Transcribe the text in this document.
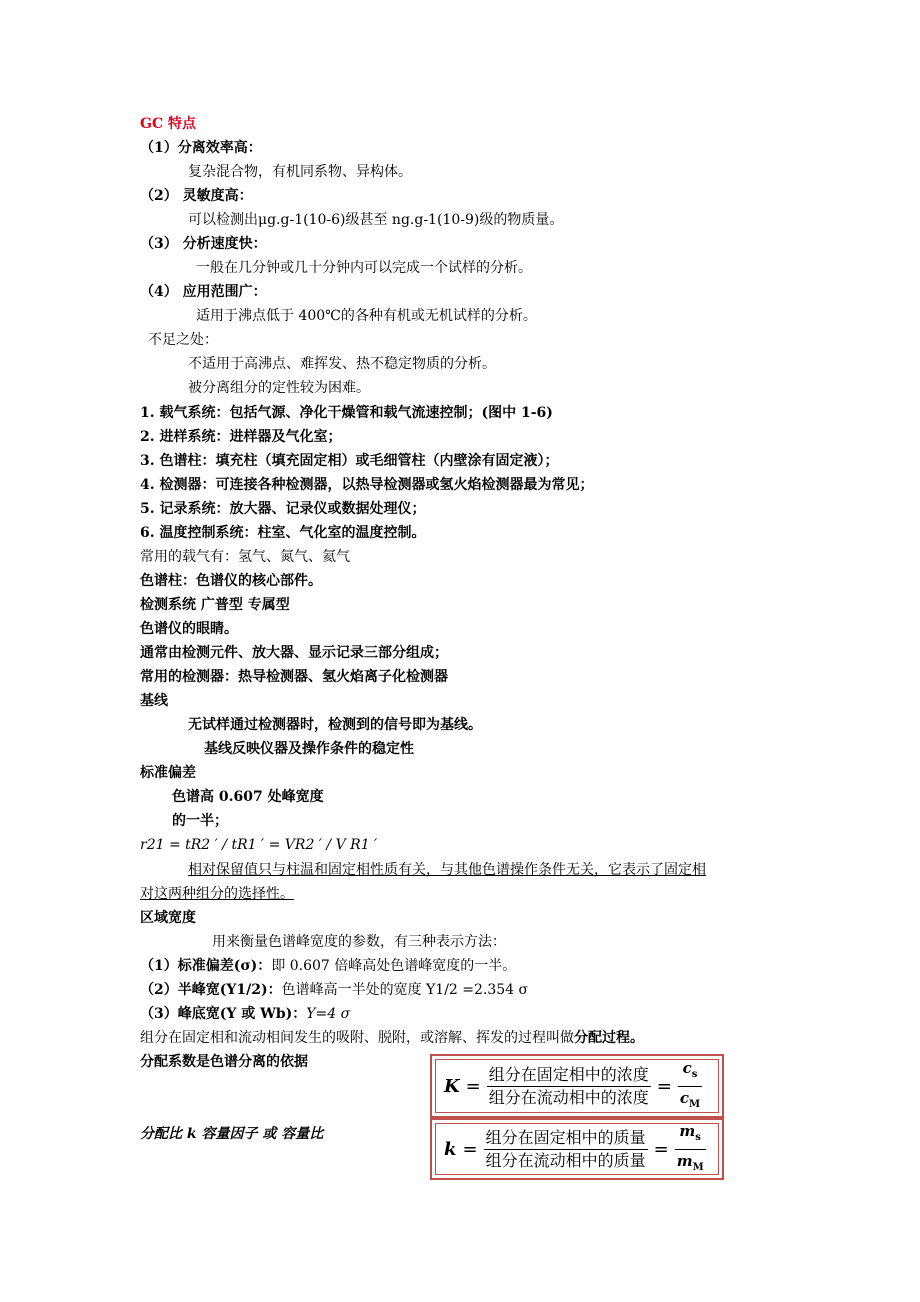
GC 特点
（1）分离效率高：
复杂混合物，有机同系物、异构体。
（2） 灵敏度高：
可以检测出μg.g-1(10-6)级甚至 ng.g-1(10-9)级的物质量。
（3） 分析速度快：
一般在几分钟或几十分钟内可以完成一个试样的分析。
（4） 应用范围广：
适用于沸点低于 400℃的各种有机或无机试样的分析。
不足之处：
不适用于高沸点、难挥发、热不稳定物质的分析。
被分离组分的定性较为困难。
1. 载气系统：包括气源、净化干燥管和载气流速控制；(图中 1-6)
2. 进样系统：进样器及气化室；
3. 色谱柱：填充柱（填充固定相）或毛细管柱（内壁涂有固定液）；
4. 检测器：可连接各种检测器，以热导检测器或氢火焰检测器最为常见；
5. 记录系统：放大器、记录仪或数据处理仪；
6. 温度控制系统：柱室、气化室的温度控制。
常用的载气有：氢气、氮气、氦气
色谱柱：色谱仪的核心部件。
检测系统 广普型 专属型
色谱仪的眼睛。
通常由检测元件、放大器、显示记录三部分组成；
常用的检测器：热导检测器、氢火焰离子化检测器
基线
无试样通过检测器时，检测到的信号即为基线。
基线反映仪器及操作条件的稳定性
标准偏差
色谱高 0.607 处峰宽度
的一半；
r21 = tR2 ′ / tR1 ′ = VR2 ′ / V R1 ′
相对保留值只与柱温和固定相性质有关，与其他色谱操作条件无关，它表示了固定相
对这两种组分的选择性。
区域宽度
用来衡量色谱峰宽度的参数，有三种表示方法：
（1）标准偏差(σ)：即 0.607 倍峰高处色谱峰宽度的一半。
（2）半峰宽(Y1/2)：色谱峰高一半处的宽度 Y1/2 =2.354 σ
（3）峰底宽(Y 或 Wb)：Y=4 σ
组分在固定相和流动相间发生的吸附、脱附，或溶解、挥发的过程叫做分配过程。
分配系数是色谱分离的依据
分配比 k 容量因子 或 容量比
$K = \frac{\text{组分在固定相中的浓度}}{\text{组分在流动相中的浓度}} = \frac{c_s}{c_M}$
$k = \frac{\text{组分在固定相中的质量}}{\text{组分在流动相中的质量}} = \frac{m_s}{m_M}$
